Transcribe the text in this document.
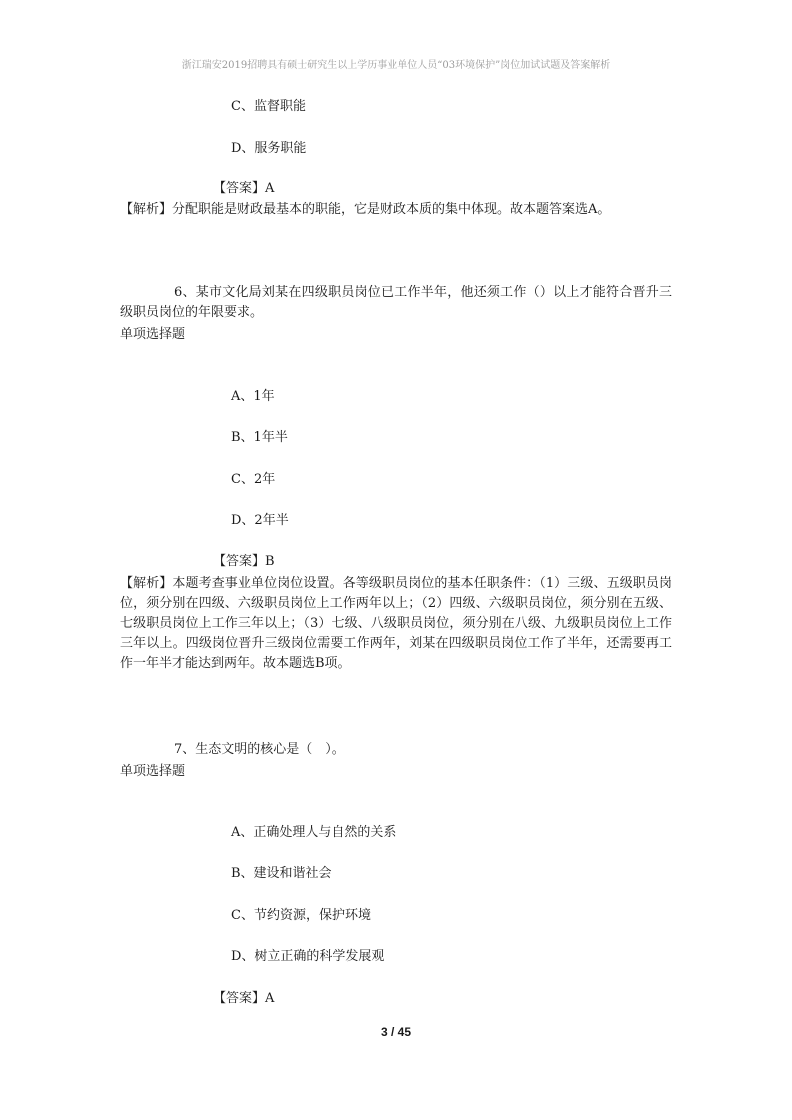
浙江瑞安2019招聘具有硕士研究生以上学历事业单位人员“03环境保护”岗位加试试题及答案解析
C、监督职能
D、服务职能
【答案】A
【解析】分配职能是财政最基本的职能，它是财政本质的集中体现。故本题答案选A。
6、某市文化局刘某在四级职员岗位已工作半年，他还须工作（）以上才能符合晋升三级职员岗位的年限要求。
单项选择题
A、1年
B、1年半
C、2年
D、2年半
【答案】B
【解析】本题考查事业单位岗位设置。各等级职员岗位的基本任职条件：（1）三级、五级职员岗位，须分别在四级、六级职员岗位上工作两年以上；（2）四级、六级职员岗位，须分别在五级、七级职员岗位上工作三年以上；（3）七级、八级职员岗位，须分别在八级、九级职员岗位上工作三年以上。四级岗位晋升三级岗位需要工作两年，刘某在四级职员岗位工作了半年，还需要再工作一年半才能达到两年。故本题选B项。
7、生态文明的核心是（　）。
单项选择题
A、正确处理人与自然的关系
B、建设和谐社会
C、节约资源，保护环境
D、树立正确的科学发展观
【答案】A
3 / 45
